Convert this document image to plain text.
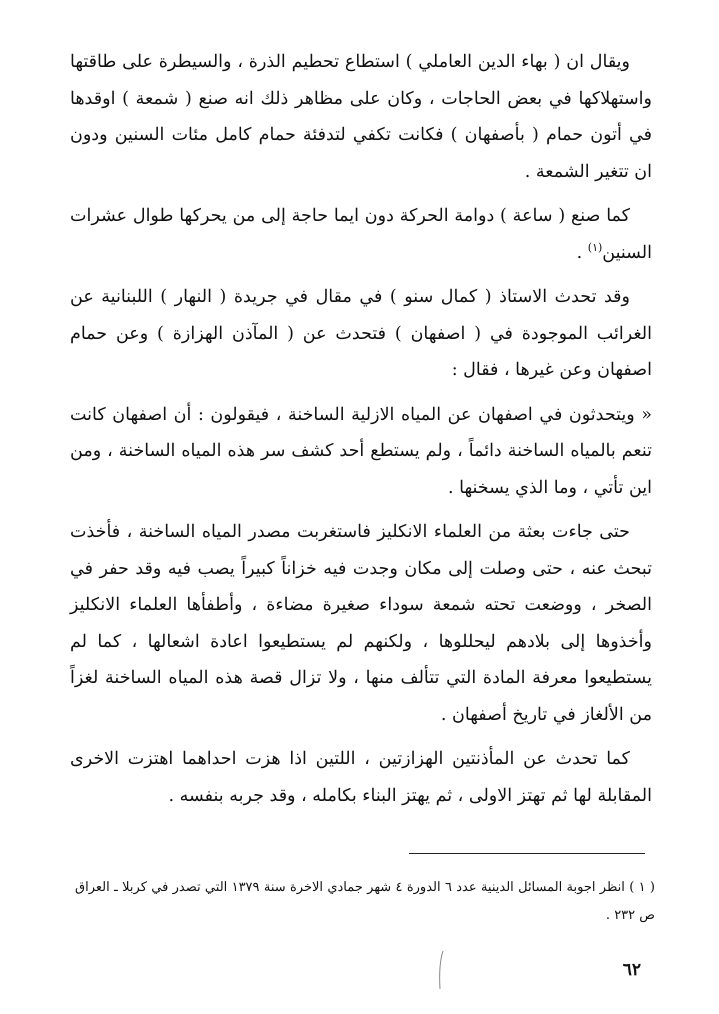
ويقال ان ( بهاء الدين العاملي ) استطاع تحطيم الذرة ، والسيطرة على طاقتها واستهلاكها في بعض الحاجات ، وكان على مظاهر ذلك انه صنع ( شمعة ) اوقدها في أتون حمام ( بأصفهان ) فكانت تكفي لتدفئة حمام كامل مئات السنين ودون ان تتغير الشمعة .

كما صنع ( ساعة ) دوامة الحركة دون ايما حاجة إلى من يحركها طوال عشرات السنين$^{(١)}$ .

وقد تحدث الاستاذ ( كمال سنو ) في مقال في جريدة ( النهار ) اللبنانية عن الغرائب الموجودة في ( اصفهان ) فتحدث عن ( المآذن الهزازة ) وعن حمام اصفهان وعن غيرها ، فقال :

« ويتحدثون في اصفهان عن المياه الازلية الساخنة ، فيقولون : أن اصفهان كانت تنعم بالمياه الساخنة دائماً ، ولم يستطع أحد كشف سر هذه المياه الساخنة ، ومن اين تأتي ، وما الذي يسخنها .

حتى جاءت بعثة من العلماء الانكليز فاستغربت مصدر المياه الساخنة ، فأخذت تبحث عنه ، حتى وصلت إلى مكان وجدت فيه خزاناً كبيراً يصب فيه وقد حفر في الصخر ، ووضعت تحته شمعة سوداء صغيرة مضاءة ، وأطفأها العلماء الانكليز وأخذوها إلى بلادهم ليحللوها ، ولكنهم لم يستطيعوا اعادة اشعالها ، كما لم يستطيعوا معرفة المادة التي تتألف منها ، ولا تزال قصة هذه المياه الساخنة لغزاً من الألغاز في تاريخ أصفهان .

كما تحدث عن المأذنتين الهزازتين ، اللتين اذا هزت احداهما اهتزت الاخرى المقابلة لها ثم تهتز الاولى ، ثم يهتز البناء بكامله ، وقد جربه بنفسه .

( ١ ) انظر اجوبة المسائل الدينية عدد ٦ الدورة ٤ شهر جمادي الاخرة سنة ١٣٧٩ التي تصدر في كربلا ـ العراق ص ٢٣٢ .
٦٢
